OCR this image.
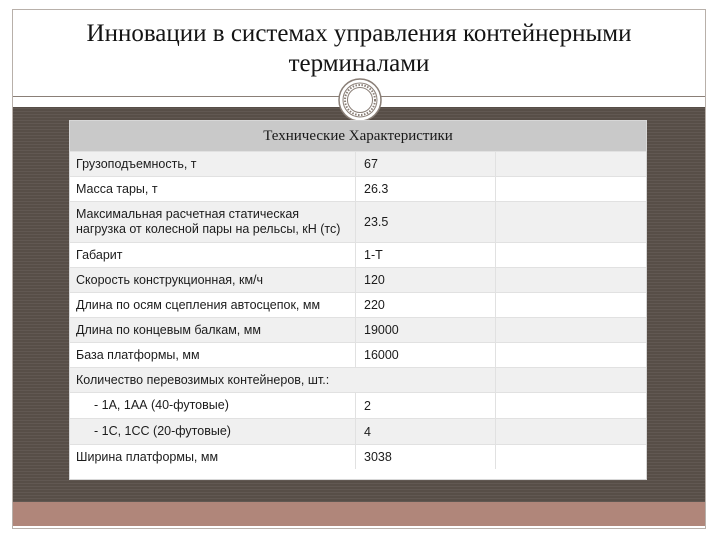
Инновации в системах управления контейнерными
терминалами
Технические Характеристики
Грузоподъемность, т	67
Масса тары, т	26.3
Максимальная расчетная статическая нагрузка от колесной пары на рельсы, кН (тс)	23.5
Габарит	1-Т
Скорость конструкционная, км/ч	120
Длина по осям сцепления автосцепок, мм	220
Длина по концевым балкам, мм	19000
База платформы, мм	16000
Количество перевозимых контейнеров, шт.:
- 1А, 1АА (40-футовые)	2
- 1С, 1СС (20-футовые)	4
Ширина платформы, мм	3038
